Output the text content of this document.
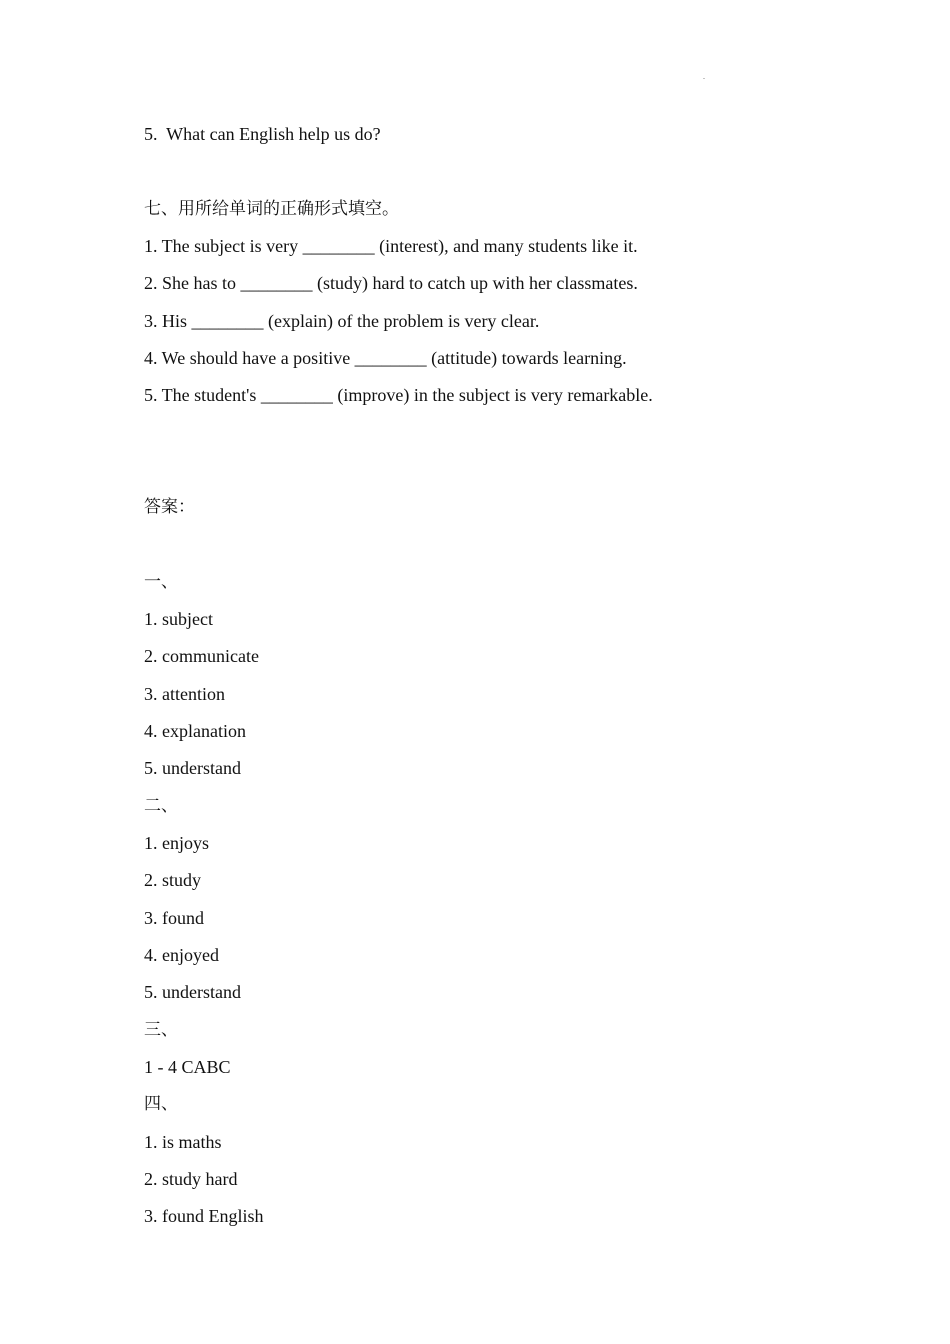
.
5.  What can English help us do?
七、用所给单词的正确形式填空。
1. The subject is very ________ (interest), and many students like it.
2. She has to ________ (study) hard to catch up with her classmates.
3. His ________ (explain) of the problem is very clear.
4. We should have a positive ________ (attitude) towards learning.
5. The student's ________ (improve) in the subject is very remarkable.
答案：
一、
1. subject
2. communicate
3. attention
4. explanation
5. understand
二、
1. enjoys
2. study
3. found
4. enjoyed
5. understand
三、
1 - 4 CABC
四、
1. is maths
2. study hard
3. found English
